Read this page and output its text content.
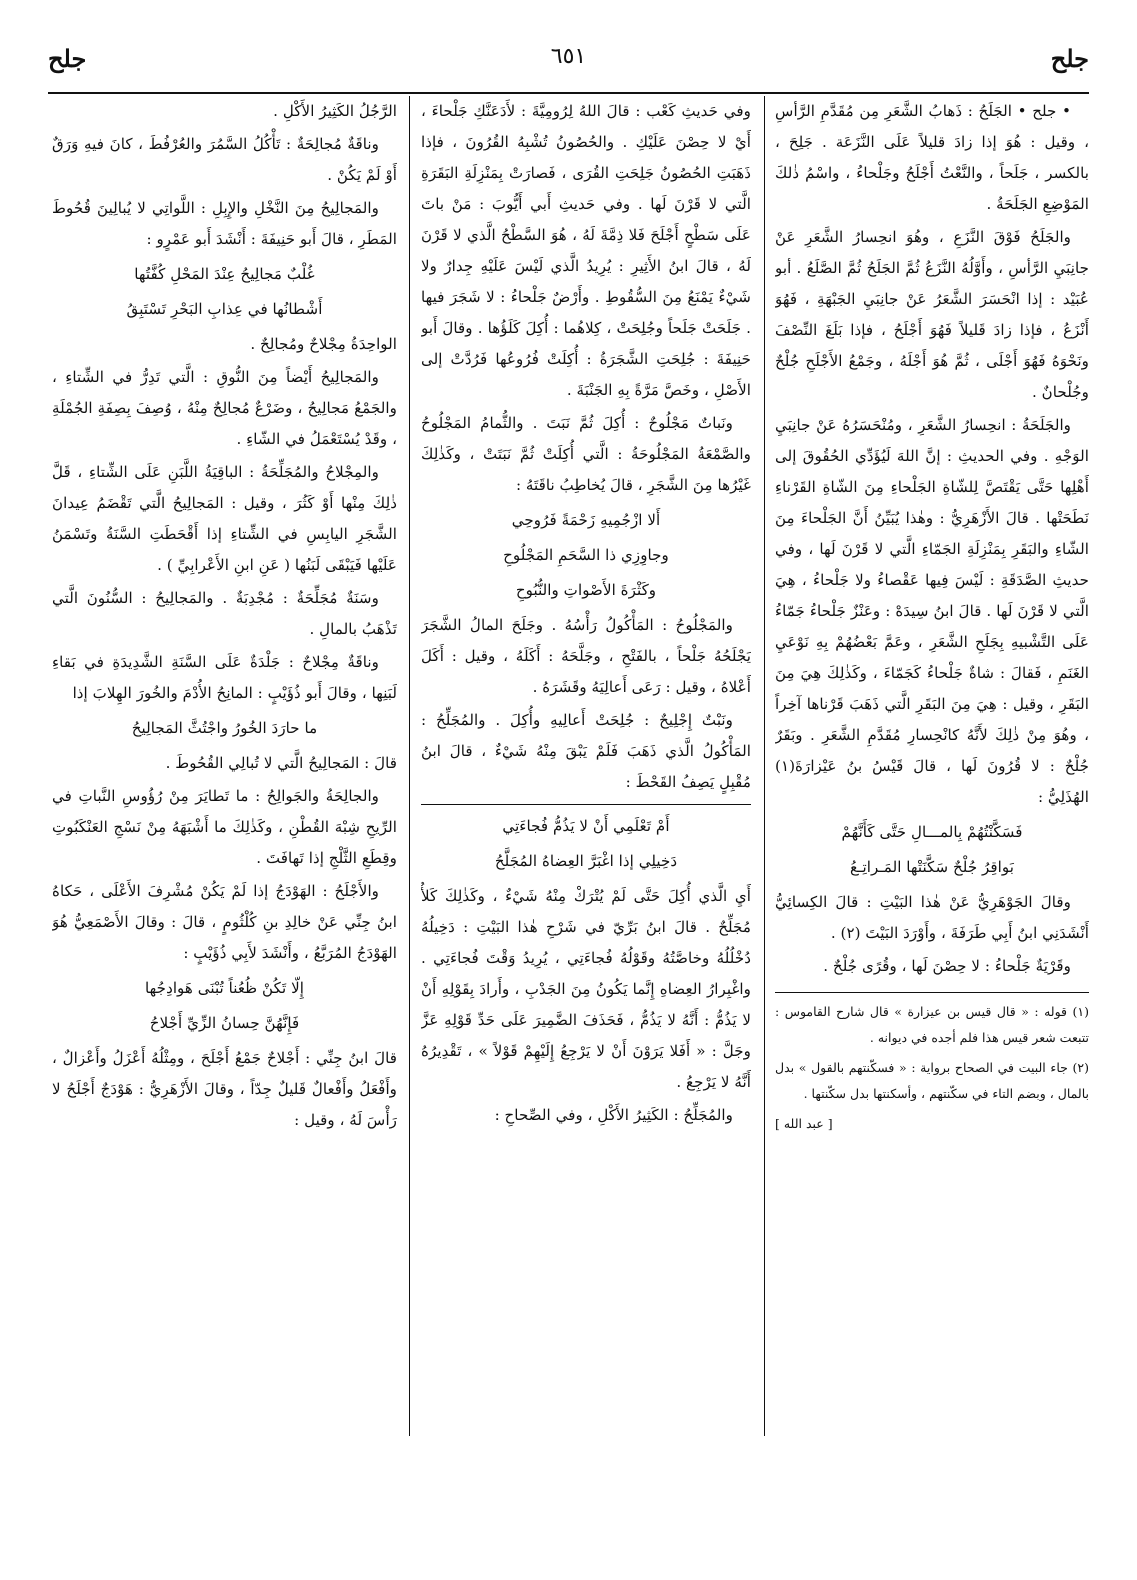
جلح
٦٥١
جلح

• جلح • الجَلَحُ : ذَهابُ الشَّعَرِ مِن مُقَدَّمِ الرَّأسِ ، وقيل : هُوَ إذا زادَ قليلاً عَلَى النَّزَعَة . جَلِحَ ، بالكسر ، جَلَحاً ، والنَّعْتُ أَجْلَحُ وجَلْحاءُ ، واسْمُ ذٰلكَ المَوْضِعِ الجَلَحَةُ .

والجَلَحُ فَوْقَ النَّزَعِ ، وهُوَ انحِسارُ الشَّعَرِ عَنْ جانِبَيِ الرَّأسِ ، وأَوَّلُهُ النَّزَعُ ثُمَّ الجَلَحُ ثُمَّ الصَّلَعُ . أبو عُبَيْد : إذا انْحَسَرَ الشَّعَرُ عَنْ جانِبَيِ الجَبْهَةِ ، فَهُوَ أَنْزَعُ ، فإذا زادَ قَليلاً فَهُوَ أَجْلَحُ ، فإذا بَلَغَ النِّصْفَ ونَحْوَهُ فَهُوَ أَجْلَى ، ثُمَّ هُوَ أَجْلَهُ ، وجَمْعُ الأَجْلَحِ جُلْحٌ وجُلْحانٌ .

والجَلَحَةُ : انحِسارُ الشَّعَرِ ، ومُنْحَسَرُهُ عَنْ جانِبَيِ الوَجْهِ . وفي الحديثِ : إنَّ اللهَ لَيُؤَدِّي الحُقُوقَ إلى أَهْلِها حَتَّى يَقْتَصَّ لِلشّاةِ الجَلْحاءِ مِنَ الشّاةِ القَرْناءِ نَطَحَتْها . قالَ الأَزْهَرِيُّ : وهٰذا يُبَيِّنُ أَنَّ الجَلْحاءَ مِنَ الشّاءِ والبَقَرِ بِمَنْزِلَةِ الجَمّاءِ الَّتي لا قَرْنَ لَها ، وفي حديثِ الصَّدَقَةِ : لَيْسَ فِيها عَقْصاءُ ولا جَلْحاءُ ، هِيَ الَّتي لا قَرْنَ لَها . قالَ ابنُ سِيدَهْ : وعَنْزٌ جَلْحاءُ جَمّاءُ عَلَى التَّشْبيهِ بِجَلَحِ الشَّعَرِ ، وعَمَّ بَعْضُهُمْ بِهِ نَوْعَيِ الغَنَمِ ، فَقالَ : شاةٌ جَلْحاءُ كَجَمّاءَ ، وكَذٰلِكَ هِيَ مِنَ البَقَرِ ، وقيل : هِيَ مِنَ البَقَرِ الَّتي ذَهَبَ قَرْناها آخِراً ، وهُوَ مِنْ ذٰلِكَ لأَنَّهُ كانْحِسارِ مُقَدَّمِ الشَّعَرِ . وبَقَرٌ جُلْحٌ : لا قُرُونَ لَها ، قالَ قَيْسُ بنُ عَيْزارَةَ(١) الهُذَلِيُّ :

فَسَكَّنْتُهُمْ بِالمـــالِ حَتَّى كَأَنَّهُمْ

بَواقِرُ جُلْحٌ سَكَّنَتْها المَـراتِـعُ

وقالَ الجَوْهَرِيُّ عَنْ هٰذا البَيْتِ : قالَ الكِسائِيُّ أَنْشَدَنِي ابنُ أَبِي طَرَفَةَ ، وأَوْرَدَ البَيْتَ (٢) .

وقَرْيَةٌ جَلْحاءُ : لا حِصْنَ لَها ، وقُرًى جُلْحٌ .

(١) قوله : « قال قيس بن عيزارة » قال شارح القاموس : تتبعت شعر قيس هذا فلم أجده في ديوانه .

(٢) جاء البيت في الصحاح برواية : « فسكّنتهم بالقول » بدل بالمال ، وبضم التاء في سكّنتهم ، وأسكنتها بدل سكّنتها .

[ عبد الله ]

وفي حَديثِ كَعْب : قالَ اللهُ لِرُومِيَّةَ : لأَدَعَنَّكِ جَلْحاءَ ، أَيْ لا حِصْنَ عَلَيْكِ . والحُصُونُ تُشْبِهُ القُرُونَ ، فإذا ذَهَبَتِ الحُصُونُ جَلِحَتِ القُرَى ، فَصارَتْ بِمَنْزِلَةِ البَقَرَةِ الَّتي لا قَرْنَ لَها . وفي حَديثِ أَبي أَيُّوبَ : مَنْ باتَ عَلَى سَطْحٍ أَجْلَحَ فَلا ذِمَّةَ لَهُ ، هُوَ السَّطْحُ الَّذي لا قَرْنَ لَهُ ، قالَ ابنُ الأَثِيرِ : يُرِيدُ الَّذي لَيْسَ عَلَيْهِ جِدارٌ ولا شَيْءٌ يَمْنَعُ مِنَ السُّقُوطِ . وأَرْضٌ جَلْحاءُ : لا شَجَرَ فيها . جَلَحَتْ جَلَحاً وجُلِحَتْ ، كِلاهُما : أُكِلَ كَلَؤُها . وقالَ أَبو حَنِيفَةَ : جُلِحَتِ الشَّجَرَةُ : أُكِلَتْ فُرُوعُها فَرُدَّتْ إلى الأَصْلِ ، وخَصَّ مَرَّةً بِهِ الجَنْبَةَ .

ونَباتٌ مَجْلُوحٌ : أُكِلَ ثُمَّ نَبَتَ . والثُّمامُ المَجْلُوحُ والصَّمْعَةُ المَجْلُوحَةُ : الَّتي أُكِلَتْ ثُمَّ نَبَتَتْ ، وكَذٰلِكَ غَيْرُها مِنَ الشَّجَرِ ، قالَ يُخاطِبُ ناقَتَهُ :

أَلا ازْجُمِيهِ زَحْمَةً فَرُوحِي

وجاوِزِي ذا السَّحَمِ المَجْلُوحِ

وكَثْرَةَ الأَصْواتِ والنُّبُوحِ

والمَجْلُوحُ : المَأْكُولُ رَأْسُهُ . وجَلَحَ المالُ الشَّجَرَ يَجْلَحُهُ جَلْحاً ، بالفَتْحِ ، وجَلَّحَهُ : أَكَلَهُ ، وقيل : أَكَلَ أَعْلاهُ ، وقيل : رَعَى أَعالِيَهُ وقَشَرَهُ .

ونَبْتٌ إِجْلِيحٌ : جُلِحَتْ أَعالِيهِ وأُكِلَ . والمُجَلِّحُ : المَأْكُولُ الَّذي ذَهَبَ فَلَمْ يَبْقَ مِنْهُ شَيْءٌ ، قالَ ابنُ مُقْبِلٍ يَصِفُ القَحْطَ :

أَمْ تَعْلَمِي أَنْ لا يَذُمُّ فُجاءَتِي

دَخِيلِي إذا اغْبَرَّ العِضاهُ المُجَلَّحُ

أَيِ الَّذي أُكِلَ حَتَّى لَمْ يُتْرَكْ مِنْهُ شَيْءٌ ، وكَذٰلِكَ كَلأٌ مُجَلِّحٌ . قالَ ابنُ بَرِّيّ في شَرْحِ هٰذا البَيْتِ : دَخِيلُهُ دُخْلُلُهُ وخاصَّتُهُ وقَوْلُهُ فُجاءَتِي ، يُرِيدُ وَقْتَ فُجاءَتِي . واغْبِرارُ العِضاهِ إِنَّما يَكُونُ مِنَ الجَدْبِ ، وأَرادَ بِقَوْلِهِ أَنْ لا يَذُمُّ : أَنَّهُ لا يَذُمُّ ، فَحَذَفَ الضَّمِيرَ عَلَى حَدِّ قَوْلِهِ عَزَّ وجَلَّ : « أَفَلا يَرَوْنَ أَنْ لا يَرْجِعُ إِلَيْهِمْ قَوْلاً » ، تَقْدِيرُهُ أَنَّهُ لا يَرْجِعُ .

والمُجَلِّحُ : الكَثِيرُ الأَكْلِ ، وفي الصِّحاحِ :

الرَّجُلُ الكَثِيرُ الأَكْلِ .

وناقَةٌ مُجالِحَةٌ : تَأْكُلُ السَّمُرَ والعُرْفُطَ ، كانَ فيهِ وَرَقٌ أَوْ لَمْ يَكُنْ .

والمَجالِيحُ مِنَ النَّخْلِ والإِبِلِ : اللَّواتِي لا يُبالِينَ قُحُوطَ المَطَرِ ، قالَ أَبو حَنِيفَةَ : أَنْشَدَ أَبو عَمْرٍو :

غُلْبٌ مَجالِيحُ عِنْدَ المَحْلِ كُفَّتُها

أَشْطانُها في عِذابِ البَحْرِ تَسْتَبِقُ

الواحِدَةُ مِجْلاحٌ ومُجالِحٌ .

والمَجالِيحُ أَيْضاً مِنَ النُّوقِ : الَّتي تَدِرُّ في الشِّتاءِ ، والجَمْعُ مَجالِيحُ ، وضَرْعٌ مُجالِحٌ مِنْهُ ، وُصِفَ بِصِفَةِ الجُمْلَةِ ، وقَدْ يُسْتَعْمَلُ في الشّاءِ .

والمِجْلاحُ والمُجَلِّحَةُ : الباقِيَةُ اللَّبَنِ عَلَى الشِّتاءِ ، قَلَّ ذٰلِكَ مِنْها أَوْ كَثُرَ ، وقيل : المَجالِيحُ الَّتي تَقْضَمُ عِيدانَ الشَّجَرِ اليابِسِ في الشِّتاءِ إذا أَقْحَطَتِ السَّنَةُ وتَسْمَنُ عَلَيْها فَيَبْقَى لَبَنُها ( عَنِ ابنِ الأَعْرابِيِّ ) .

وسَنَةٌ مُجَلِّحَةٌ : مُجْدِبَةٌ . والمَجالِيحُ : السُّنُونَ الَّتي تَذْهَبُ بالمالِ .

وناقَةٌ مِجْلاحٌ : جَلْدَةٌ عَلَى السَّنَةِ الشَّدِيدَةِ في بَقاءِ لَبَنِها ، وقالَ أَبو ذُؤَيْبٍ : المانِحُ الأُدْمَ والخُورَ الهِلابَ إذا

ما حارَدَ الخُورُ واجْتُثَّ المَجالِيحُ

قالَ : المَجالِيحُ الَّتي لا تُبالِي القُحُوطَ .

والجالِحَةُ والجَوالِحُ : ما تَطايَرَ مِنْ رُؤُوسِ النَّباتِ في الرِّيحِ شِبْهَ القُطْنِ ، وكَذٰلِكَ ما أَشْبَهَهُ مِنْ نَسْجِ العَنْكَبُوتِ وقِطَعِ الثَّلْجِ إذا تَهافَتَ .

والأَجْلَحُ : الهَوْدَجُ إذا لَمْ يَكُنْ مُشْرِفَ الأَعْلَى ، حَكاهُ ابنُ جِنِّي عَنْ خالِدِ بنِ كُلْثُومٍ ، قالَ : وقالَ الأَصْمَعِيُّ هُوَ الهَوْدَجُ المُرَبَّعُ ، وأَنْشَدَ لأَبِي ذُؤَيْبٍ :

إِلّا تَكُنْ ظُعُناً تُبْنَى هَوادِجُها

فَإِنَّهُنَّ حِسانُ الزِّيِّ أَجْلاحُ

قالَ ابنُ جِنِّي : أَجْلاحٌ جَمْعُ أَجْلَحَ ، ومِثْلُهُ أَعْزَلُ وأَعْزالٌ ، وأَفْعَلُ وأَفْعالٌ قَليلٌ جِدّاً ، وقالَ الأَزْهَرِيُّ : هَوْدَجٌ أَجْلَحُ لا رَأْسَ لَهُ ، وقيل :
